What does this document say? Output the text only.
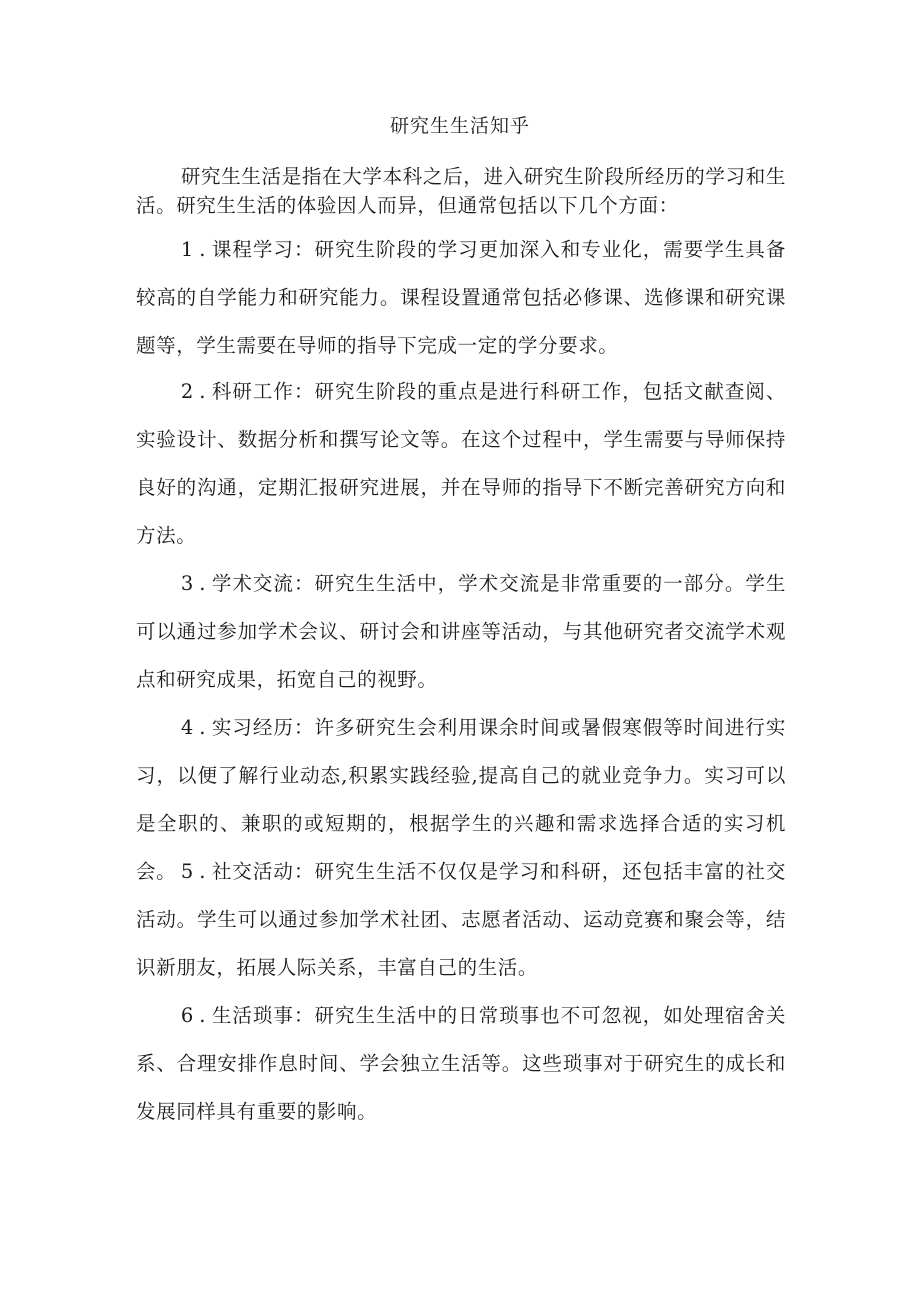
研究生生活知乎

研究生生活是指在大学本科之后，进入研究生阶段所经历的学习和生活。研究生生活的体验因人而异，但通常包括以下几个方面：

1.课程学习：研究生阶段的学习更加深入和专业化，需要学生具备较高的自学能力和研究能力。课程设置通常包括必修课、选修课和研究课题等，学生需要在导师的指导下完成一定的学分要求。

2.科研工作：研究生阶段的重点是进行科研工作，包括文献查阅、实验设计、数据分析和撰写论文等。在这个过程中，学生需要与导师保持良好的沟通，定期汇报研究进展，并在导师的指导下不断完善研究方向和方法。

3.学术交流：研究生生活中，学术交流是非常重要的一部分。学生可以通过参加学术会议、研讨会和讲座等活动，与其他研究者交流学术观点和研究成果，拓宽自己的视野。

4.实习经历：许多研究生会利用课余时间或暑假寒假等时间进行实习，以便了解行业动态,积累实践经验,提高自己的就业竞争力。实习可以是全职的、兼职的或短期的，根据学生的兴趣和需求选择合适的实习机会。 5.社交活动：研究生生活不仅仅是学习和科研，还包括丰富的社交活动。学生可以通过参加学术社团、志愿者活动、运动竞赛和聚会等，结识新朋友，拓展人际关系，丰富自己的生活。

6.生活琐事：研究生生活中的日常琐事也不可忽视，如处理宿舍关系、合理安排作息时间、学会独立生活等。这些琐事对于研究生的成长和发展同样具有重要的影响。
